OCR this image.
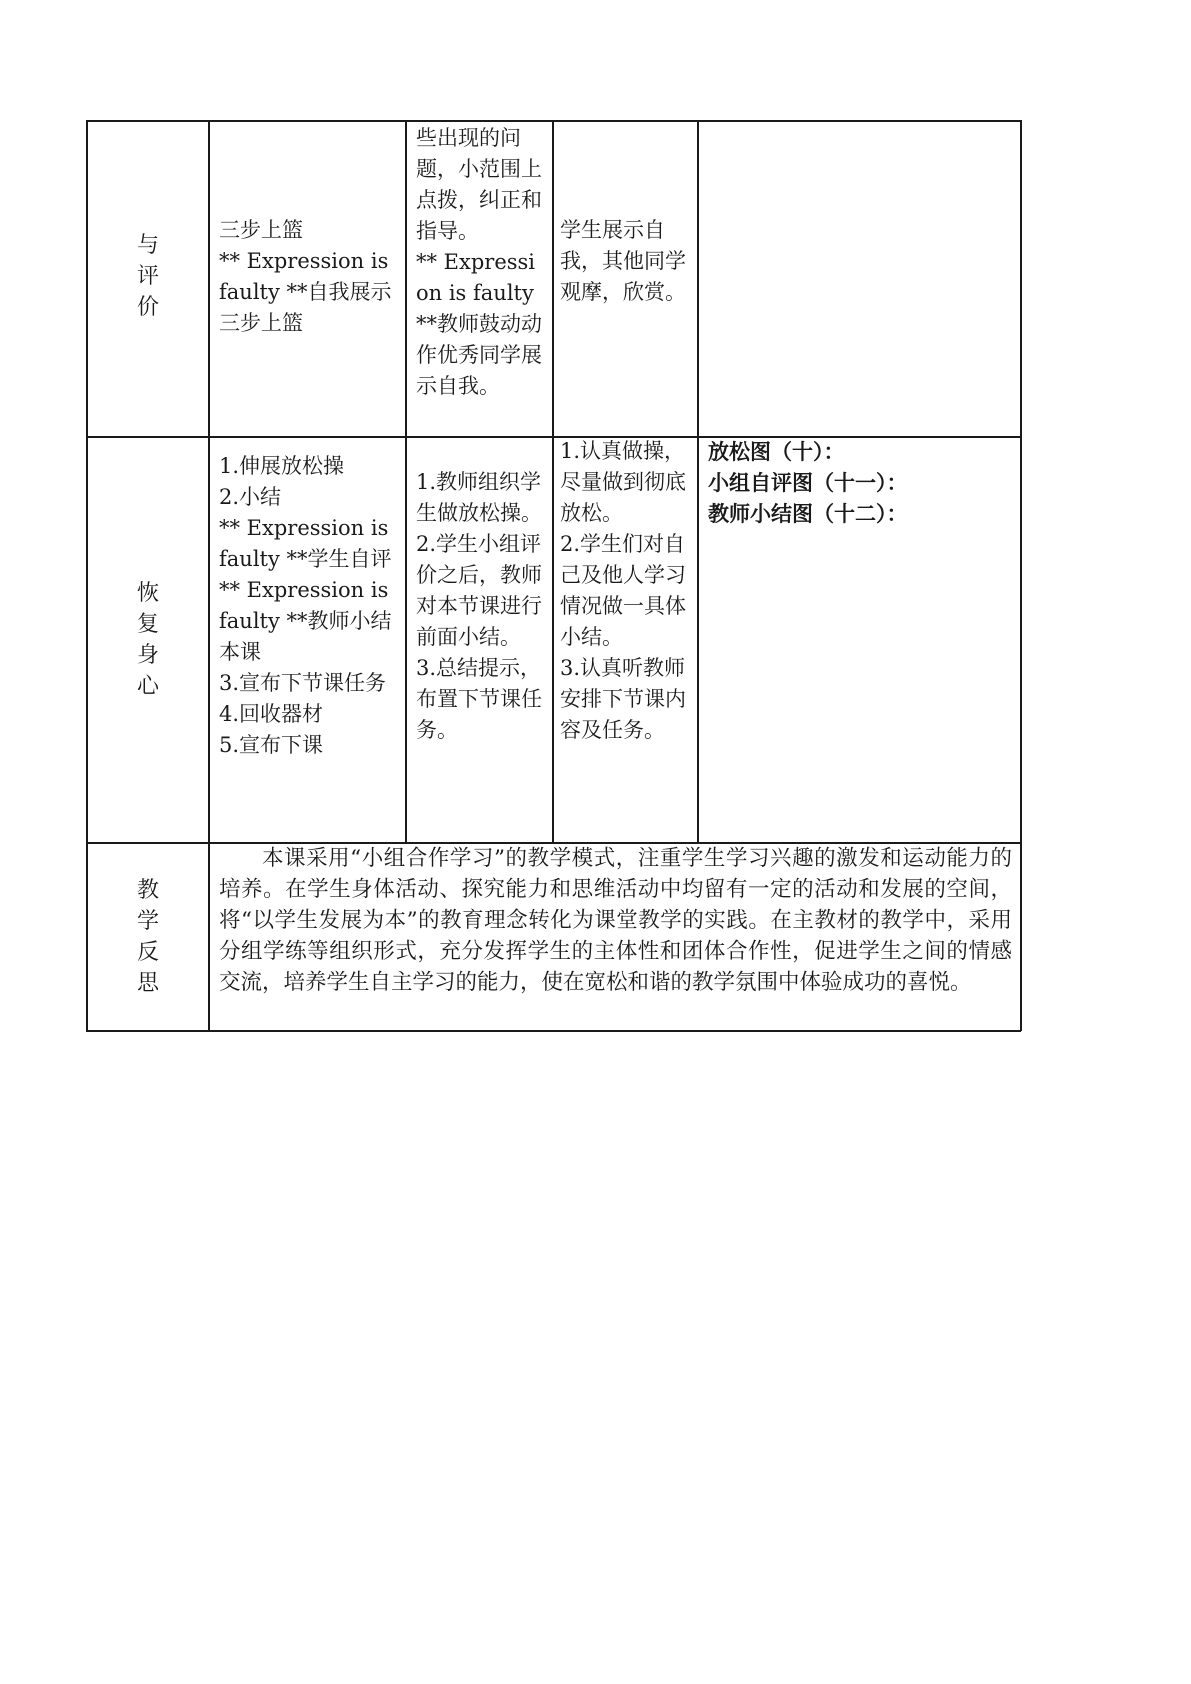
与
评
价
三步上篮
** Expression is faulty **自我展示三步上篮
些出现的问题，小范围上点拨，纠正和指导。
** Expression is faulty **教师鼓动动作优秀同学展示自我。
学生展示自我，其他同学观摩，欣赏。
恢
复
身
心
1.伸展放松操
2.小结
** Expression is faulty **学生自评
** Expression is faulty **教师小结本课
3.宣布下节课任务
4.回收器材
5.宣布下课
1.教师组织学生做放松操。
2.学生小组评价之后，教师对本节课进行前面小结。
3.总结提示，布置下节课任务。
1.认真做操，尽量做到彻底放松。
2.学生们对自己及他人学习情况做一具体小结。
3.认真听教师安排下节课内容及任务。
放松图（十）：
小组自评图（十一）：
教师小结图（十二）：
教
学
反
思
本课采用“小组合作学习”的教学模式，注重学生学习兴趣的激发和运动能力的培养。在学生身体活动、探究能力和思维活动中均留有一定的活动和发展的空间，将“以学生发展为本”的教育理念转化为课堂教学的实践。在主教材的教学中，采用分组学练等组织形式，充分发挥学生的主体性和团体合作性，促进学生之间的情感交流，培养学生自主学习的能力，使在宽松和谐的教学氛围中体验成功的喜悦。
